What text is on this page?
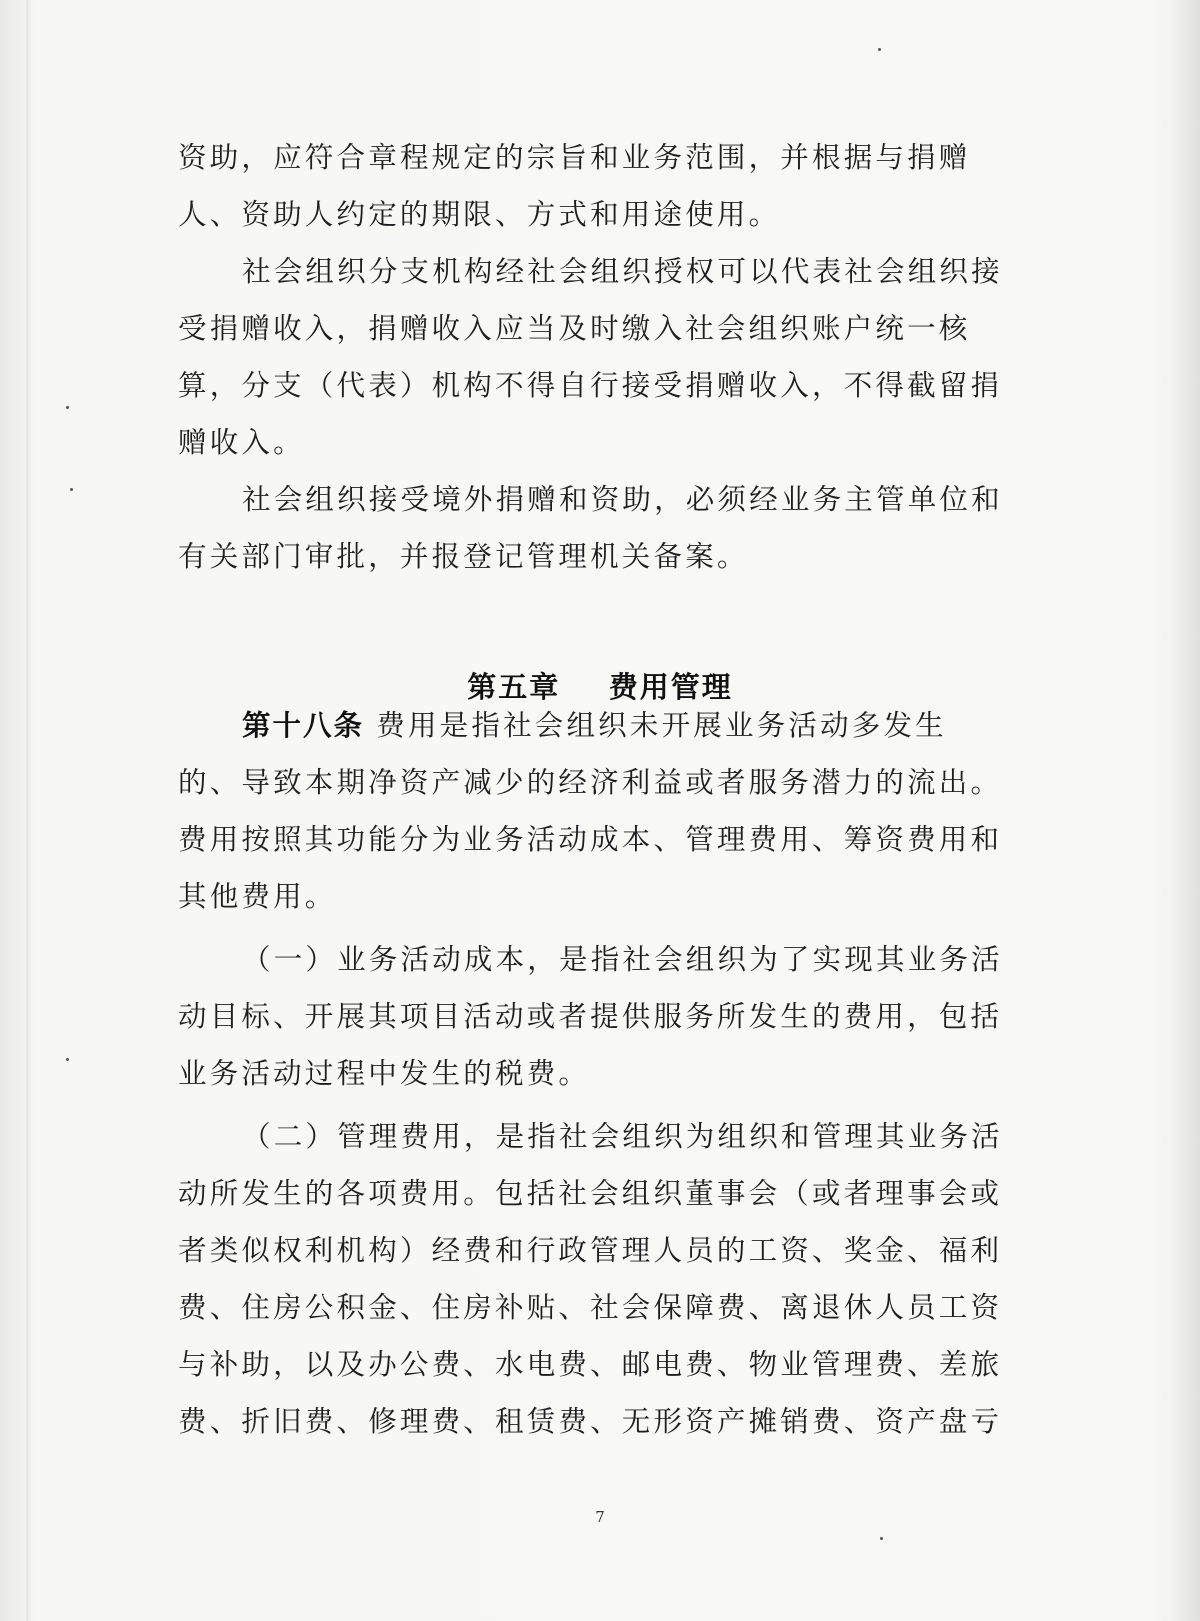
资助，应符合章程规定的宗旨和业务范围，并根据与捐赠人、资助人约定的期限、方式和用途使用。

社会组织分支机构经社会组织授权可以代表社会组织接受捐赠收入，捐赠收入应当及时缴入社会组织账户统一核算，分支（代表）机构不得自行接受捐赠收入，不得截留捐赠收入。

社会组织接受境外捐赠和资助，必须经业务主管单位和有关部门审批，并报登记管理机关备案。

第五章 费用管理

第十八条 费用是指社会组织未开展业务活动多发生的、导致本期净资产减少的经济利益或者服务潜力的流出。费用按照其功能分为业务活动成本、管理费用、筹资费用和其他费用。

（一）业务活动成本，是指社会组织为了实现其业务活动目标、开展其项目活动或者提供服务所发生的费用，包括业务活动过程中发生的税费。

（二）管理费用，是指社会组织为组织和管理其业务活动所发生的各项费用。包括社会组织董事会（或者理事会或者类似权利机构）经费和行政管理人员的工资、奖金、福利费、住房公积金、住房补贴、社会保障费、离退休人员工资与补助，以及办公费、水电费、邮电费、物业管理费、差旅费、折旧费、修理费、租赁费、无形资产摊销费、资产盘亏

7
